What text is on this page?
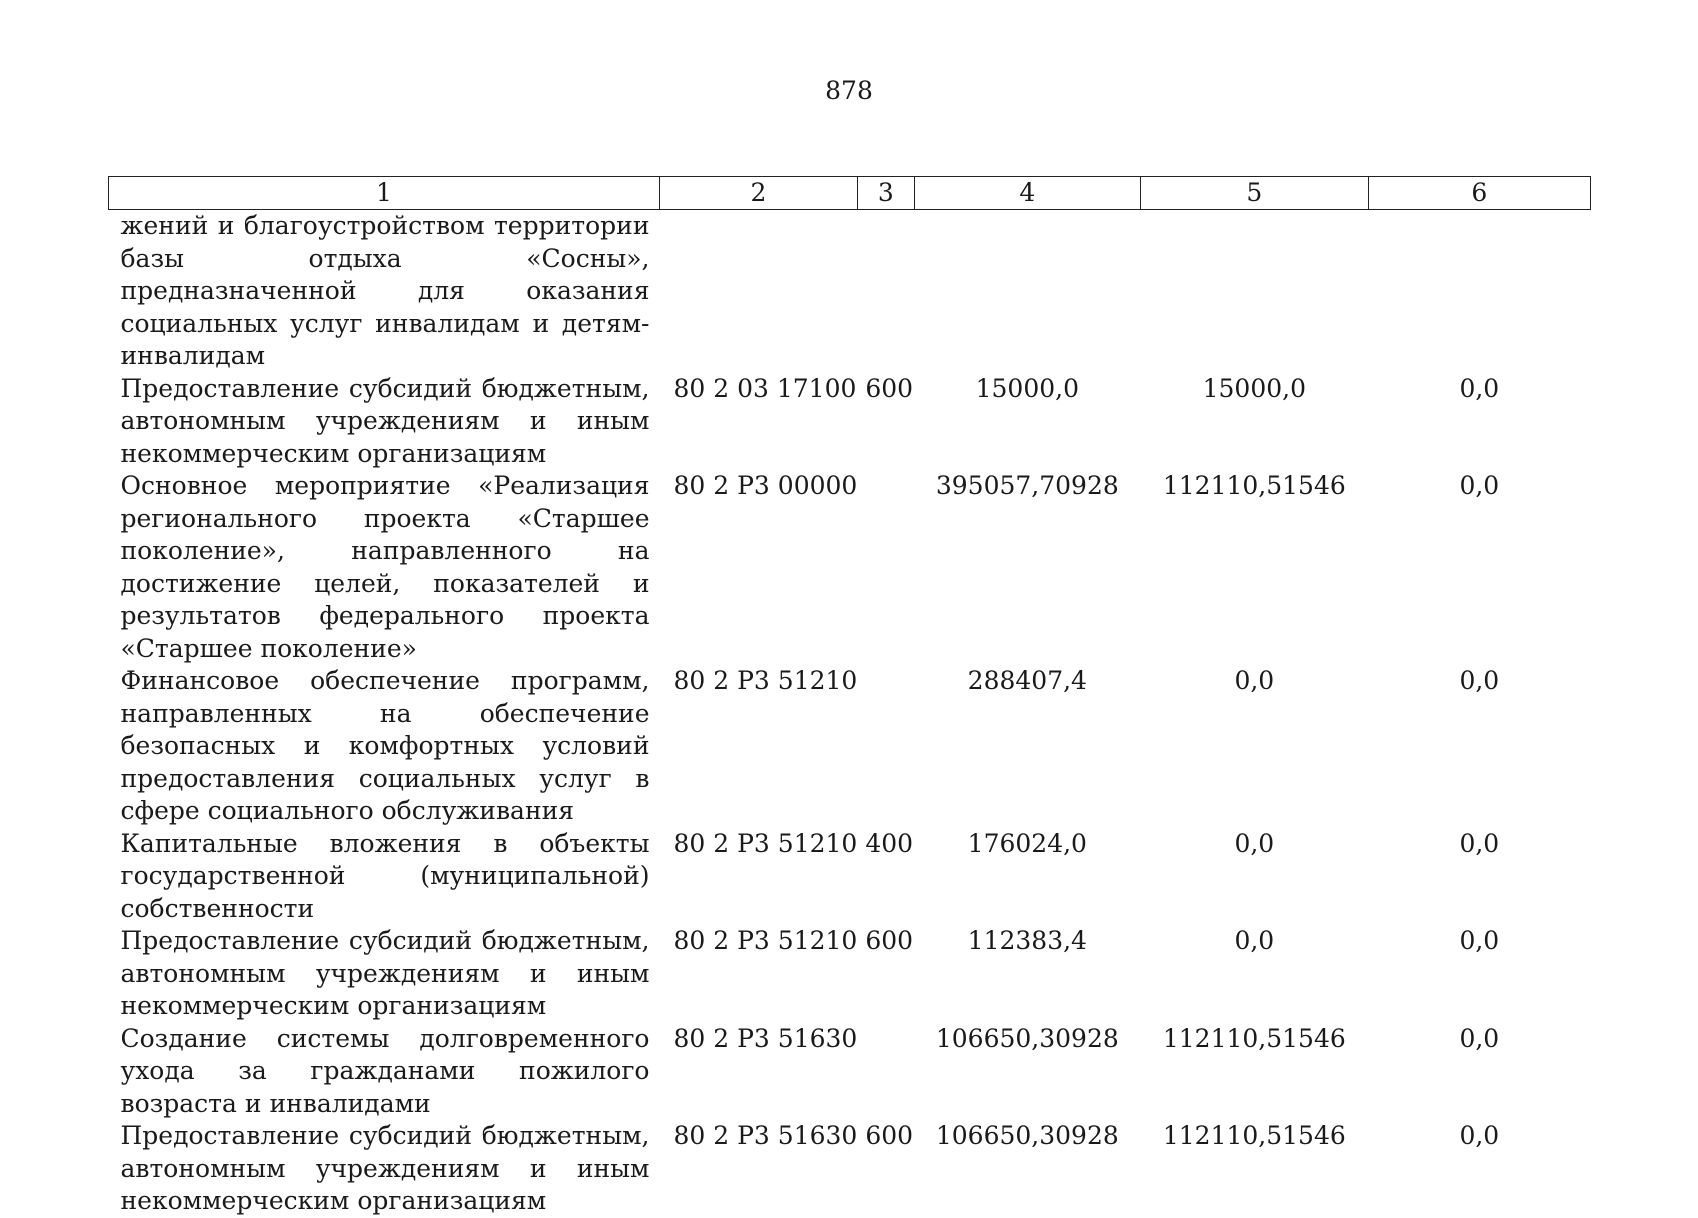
878
1	2	3	4	5	6
жений и благоустройством территории базы отдыха «Сосны», предназначенной для оказания социальных услуг инвалидам и детяминвалидам					
Предоставление субсидий бюджетным, автономным учреждениям и иным некоммерческим организациям	80 2 03 17100	600	15000,0	15000,0	0,0
Основное мероприятие «Реализация регионального проекта «Старшее поколение», направленного на достижение целей, показателей и результатов федерального проекта «Старшее поколение»	80 2 Р3 00000		395057,70928	112110,51546	0,0
Финансовое обеспечение программ, направленных на обеспечение безопасных и комфортных условий предоставления социальных услуг в сфере социального обслуживания	80 2 Р3 51210		288407,4	0,0	0,0
Капитальные вложения в объекты государственной (муниципальной) собственности	80 2 Р3 51210	400	176024,0	0,0	0,0
Предоставление субсидий бюджетным, автономным учреждениям и иным некоммерческим организациям	80 2 Р3 51210	600	112383,4	0,0	0,0
Создание системы долговременного ухода за гражданами пожилого возраста и инвалидами	80 2 Р3 51630		106650,30928	112110,51546	0,0
Предоставление субсидий бюджетным, автономным учреждениям и иным некоммерческим организациям	80 2 Р3 51630	600	106650,30928	112110,51546	0,0
